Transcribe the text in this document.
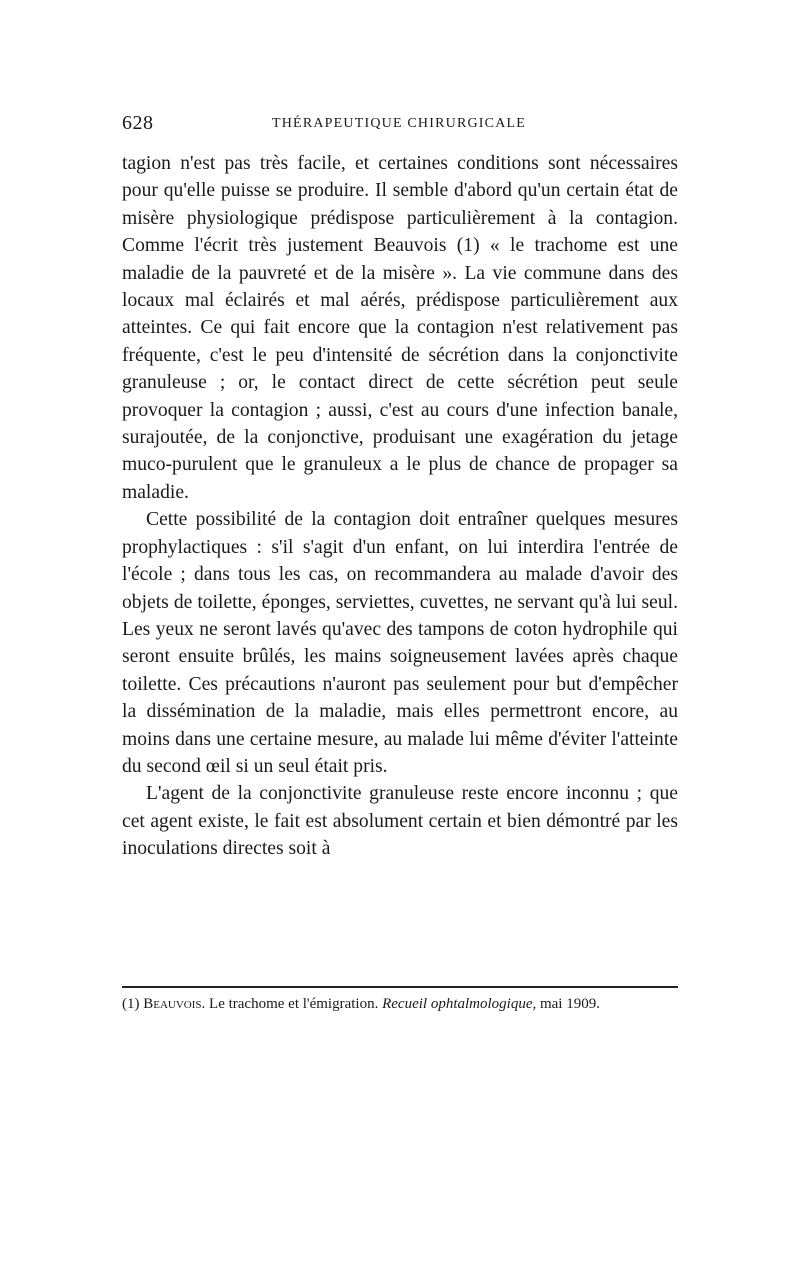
628	THÉRAPEUTIQUE CHIRURGICALE

tagion n'est pas très facile, et certaines conditions sont nécessaires pour qu'elle puisse se produire. Il semble d'abord qu'un certain état de misère physiologique prédispose particulièrement à la contagion. Comme l'écrit très justement Beauvois (1) « le trachome est une maladie de la pauvreté et de la misère ». La vie commune dans des locaux mal éclairés et mal aérés, prédispose particulièrement aux atteintes. Ce qui fait encore que la contagion n'est relativement pas fréquente, c'est le peu d'intensité de sécrétion dans la conjonctivite granuleuse ; or, le contact direct de cette sécrétion peut seule provoquer la contagion ; aussi, c'est au cours d'une infection banale, surajoutée, de la conjonctive, produisant une exagération du jetage muco-purulent que le granuleux a le plus de chance de propager sa maladie.

Cette possibilité de la contagion doit entraîner quelques mesures prophylactiques : s'il s'agit d'un enfant, on lui interdira l'entrée de l'école ; dans tous les cas, on recommandera au malade d'avoir des objets de toilette, éponges, serviettes, cuvettes, ne servant qu'à lui seul. Les yeux ne seront lavés qu'avec des tampons de coton hydrophile qui seront ensuite brûlés, les mains soigneusement lavées après chaque toilette. Ces précautions n'auront pas seulement pour but d'empêcher la dissémination de la maladie, mais elles permettront encore, au moins dans une certaine mesure, au malade lui même d'éviter l'atteinte du second œil si un seul était pris.

L'agent de la conjonctivite granuleuse reste encore inconnu ; que cet agent existe, le fait est absolument certain et bien démontré par les inoculations directes soit à

(1) Beauvois. Le trachome et l'émigration. Recueil ophtalmologique, mai 1909.
